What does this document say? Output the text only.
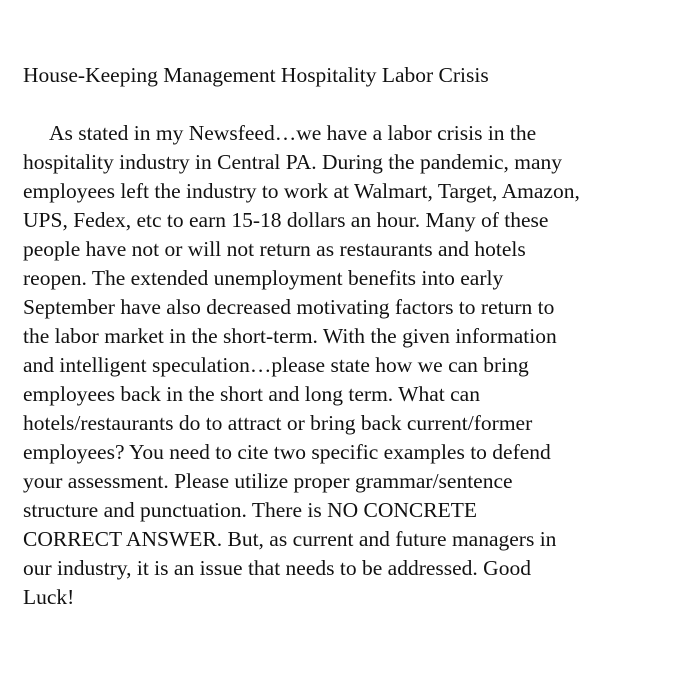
House-Keeping Management Hospitality Labor Crisis
As stated in my Newsfeed…we have a labor crisis in the
hospitality industry in Central PA. During the pandemic, many
employees left the industry to work at Walmart, Target, Amazon,
UPS, Fedex, etc to earn 15-18 dollars an hour. Many of these
people have not or will not return as restaurants and hotels
reopen. The extended unemployment benefits into early
September have also decreased motivating factors to return to
the labor market in the short-term. With the given information
and intelligent speculation…please state how we can bring
employees back in the short and long term. What can
hotels/restaurants do to attract or bring back current/former
employees? You need to cite two specific examples to defend
your assessment. Please utilize proper grammar/sentence
structure and punctuation. There is NO CONCRETE
CORRECT ANSWER. But, as current and future managers in
our industry, it is an issue that needs to be addressed. Good
Luck!
